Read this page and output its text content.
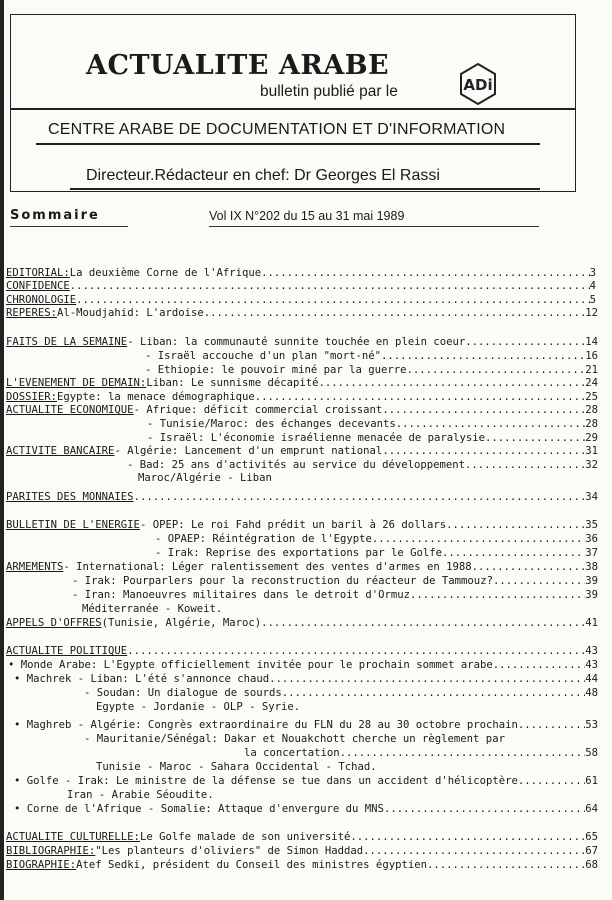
ACTUALITE ARABE
bulletin publié par le	ADi
CENTRE ARABE DE DOCUMENTATION ET D'INFORMATION
Directeur.Rédacteur en chef: Dr Georges El Rassi
Sommaire	Vol IX N°202 du 15 au 31 mai 1989
EDITORIAL: La deuxième Corne de l'Afrique .....	3
CONFIDENCE .....	4
CHRONOLOGIE .....	5
REPERES: Al-Moudjahid: L'ardoise .....	12
FAITS DE LA SEMAINE - Liban: la communauté sunnite touchée en plein coeur .....	14
- Israël accouche d'un plan "mort-né" .....	16
- Ethiopie: le pouvoir miné par la guerre .....	21
L'EVENEMENT DE DEMAIN: Liban: Le sunnisme décapité .....	24
DOSSIER: Egypte: la menace démographique .....	25
ACTUALITE ECONOMIQUE - Afrique: déficit commercial croissant .....	28
- Tunisie/Maroc: des échanges decevants .....	28
- Israël: L'économie israélienne menacée de paralysie .....	29
ACTIVITE BANCAIRE - Algérie: Lancement d'un emprunt national .....	31
- Bad: 25 ans d'activités au service du développement .....	32
Maroc/Algérie - Liban
PARITES DES MONNAIES .....	34
BULLETIN DE L'ENERGIE - OPEP: Le roi Fahd prédit un baril à 26 dollars .....	35
- OPAEP: Réintégration de l'Egypte .....	36
- Irak: Reprise des exportations par le Golfe .....	37
ARMEMENTS - International: Léger ralentissement des ventes d'armes en 1988 .....	38
- Irak: Pourparlers pour la reconstruction du réacteur de Tammouz? .....	39
- Iran: Manoeuvres militaires dans le detroit d'Ormuz .....	39
Méditerranée - Koweit.
APPELS D'OFFRES (Tunisie, Algérie, Maroc) .....	41
ACTUALITE POLITIQUE .....	43
• Monde Arabe: L'Egypte officiellement invitée pour le prochain sommet arabe .....	43
• Machrek - Liban: L'été s'annonce chaud .....	44
- Soudan: Un dialogue de sourds .....	48
Egypte - Jordanie - OLP - Syrie.
• Maghreb - Algérie: Congrès extraordinaire du FLN du 28 au 30 octobre prochain .....	53
- Mauritanie/Sénégal: Dakar et Nouakchott cherche un règlement par
la concertation .....	58
Tunisie - Maroc - Sahara Occidental - Tchad.
• Golfe - Irak: Le ministre de la défense se tue dans un accident d'hélicoptère .....	61
Iran - Arabie Séoudite.
• Corne de l'Afrique - Somalie: Attaque d'envergure du MNS .....	64
ACTUALITE CULTURELLE: Le Golfe malade de son université .....	65
BIBLIOGRAPHIE: "Les planteurs d'oliviers" de Simon Haddad .....	67
BIOGRAPHIE: Atef Sedki, président du Conseil des ministres égyptien .....	68
